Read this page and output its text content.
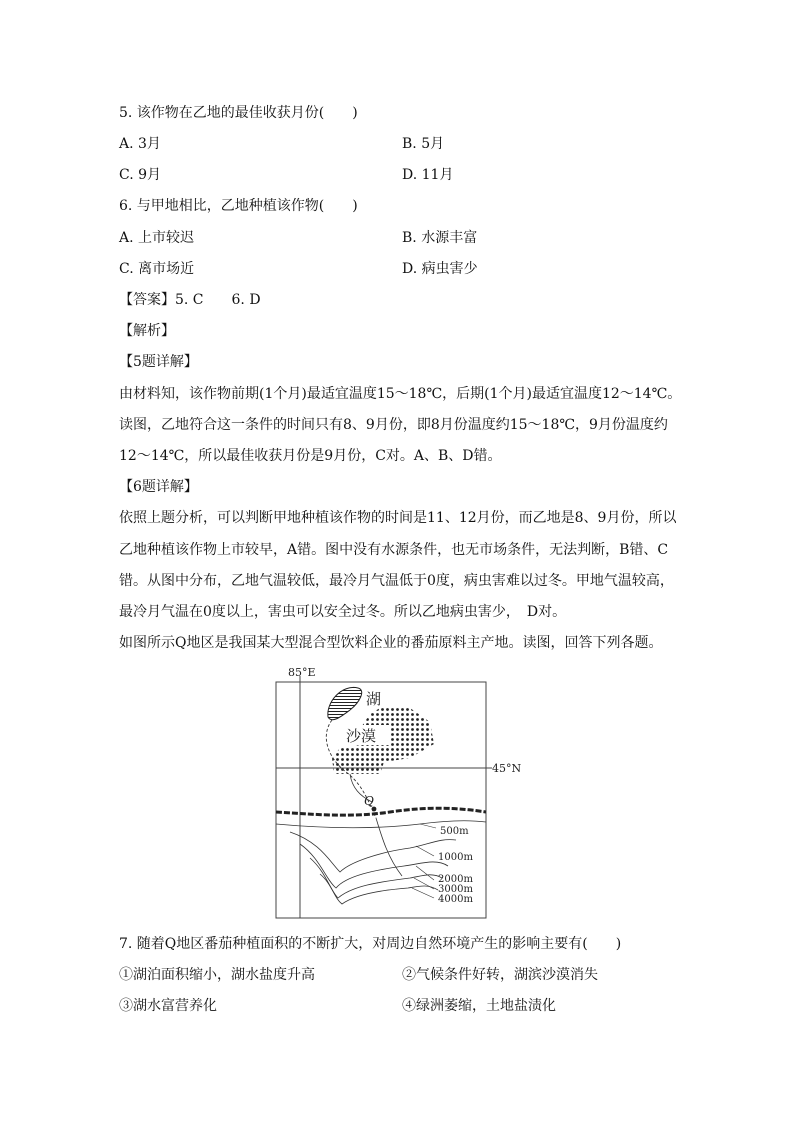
5. 该作物在乙地的最佳收获月份(　　)
A. 3月	B. 5月
C. 9月	D. 11月
6. 与甲地相比，乙地种植该作物(　　)
A. 上市较迟	B. 水源丰富
C. 离市场近	D. 病虫害少
【答案】5. C　　6. D
【解析】
【5题详解】
由材料知，该作物前期(1个月)最适宜温度15～18℃，后期(1个月)最适宜温度12～14℃。
读图，乙地符合这一条件的时间只有8、9月份，即8月份温度约15～18℃，9月份温度约
12～14℃，所以最佳收获月份是9月份，C对。A、B、D错。
【6题详解】
依照上题分析，可以判断甲地种植该作物的时间是11、12月份，而乙地是8、9月份，所以
乙地种植该作物上市较早，A错。图中没有水源条件，也无市场条件，无法判断，B错、C
错。从图中分布，乙地气温较低，最冷月气温低于0度，病虫害难以过冬。甲地气温较高，
最冷月气温在0度以上，害虫可以安全过冬。所以乙地病虫害少，　D对。
如图所示Q地区是我国某大型混合型饮料企业的番茄原料主产地。读图，回答下列各题。
85°E
45°N
湖
沙漠
Q
500m
1000m
2000m
3000m
4000m
7. 随着Q地区番茄种植面积的不断扩大，对周边自然环境产生的影响主要有(　　)
①湖泊面积缩小，湖水盐度升高	②气候条件好转，湖滨沙漠消失
③湖水富营养化	④绿洲萎缩，土地盐渍化
